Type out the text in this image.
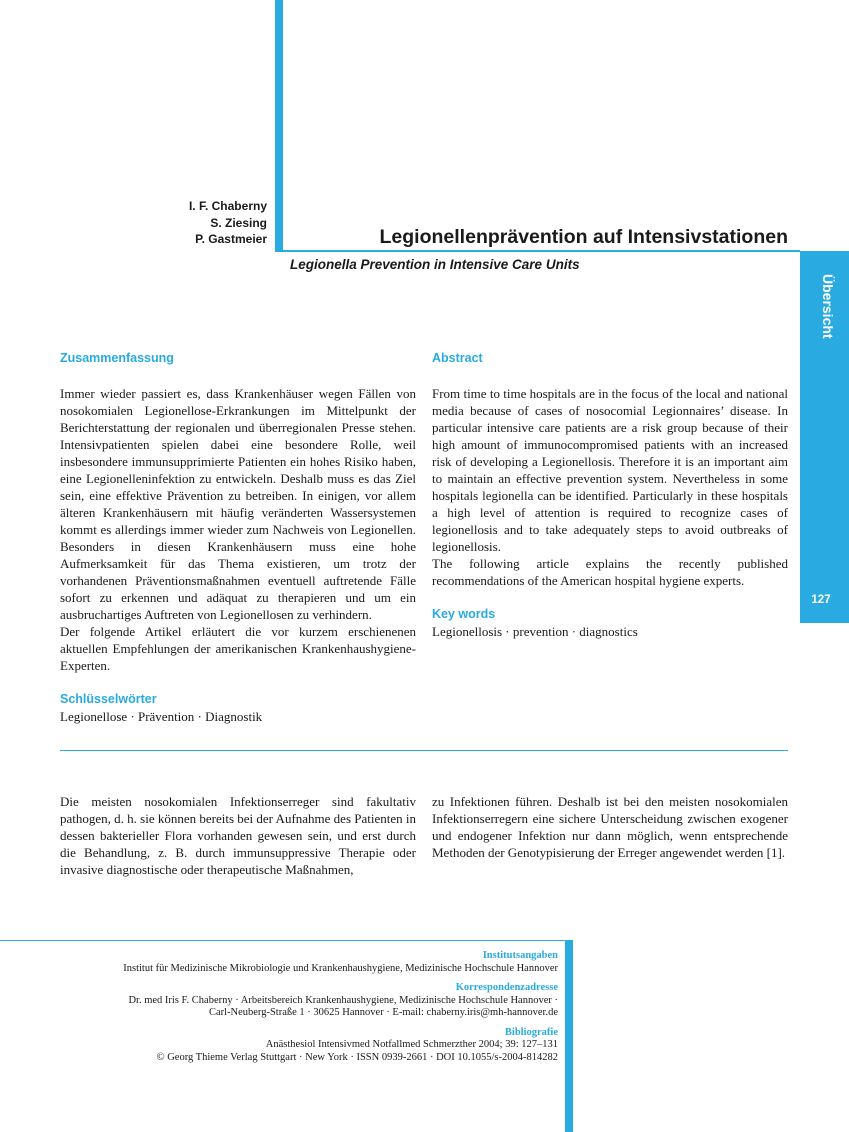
Übersicht
127
I. F. Chaberny
S. Ziesing
P. Gastmeier	Legionellenprävention auf Intensivstationen
Legionella Prevention in Intensive Care Units
Zusammenfassung

Immer wieder passiert es, dass Krankenhäuser wegen Fällen von nosokomialen Legionellose-Erkrankungen im Mittelpunkt der Berichterstattung der regionalen und überregionalen Presse stehen. Intensivpatienten spielen dabei eine besondere Rolle, weil insbesondere immunsupprimierte Patienten ein hohes Risiko haben, eine Legionelleninfektion zu entwickeln. Deshalb muss es das Ziel sein, eine effektive Prävention zu betreiben. In einigen, vor allem älteren Krankenhäusern mit häufig veränderten Wassersystemen kommt es allerdings immer wieder zum Nachweis von Legionellen. Besonders in diesen Krankenhäusern muss eine hohe Aufmerksamkeit für das Thema existieren, um trotz der vorhandenen Präventionsmaßnahmen eventuell auftretende Fälle sofort zu erkennen und adäquat zu therapieren und um ein ausbruchartiges Auftreten von Legionellosen zu verhindern.

Der folgende Artikel erläutert die vor kurzem erschienenen aktuellen Empfehlungen der amerikanischen Krankenhaushygiene-Experten.

Schlüsselwörter
Legionellose · Prävention · Diagnostik
Abstract

From time to time hospitals are in the focus of the local and national media because of cases of nosocomial Legionnaires’ disease. In particular intensive care patients are a risk group because of their high amount of immunocompromised patients with an increased risk of developing a Legionellosis. Therefore it is an important aim to maintain an effective prevention system. Nevertheless in some hospitals legionella can be identified. Particularly in these hospitals a high level of attention is required to recognize cases of legionellosis and to take adequately steps to avoid outbreaks of legionellosis.

The following article explains the recently published recommendations of the American hospital hygiene experts.

Key words
Legionellosis · prevention · diagnostics

Die meisten nosokomialen Infektionserreger sind fakultativ pathogen, d. h. sie können bereits bei der Aufnahme des Patienten in dessen bakterieller Flora vorhanden gewesen sein, und erst durch die Behandlung, z. B. durch immunsuppressive Therapie oder invasive diagnostische oder therapeutische Maßnahmen,

zu Infektionen führen. Deshalb ist bei den meisten nosokomialen Infektionserregern eine sichere Unterscheidung zwischen exogener und endogener Infektion nur dann möglich, wenn entsprechende Methoden der Genotypisierung der Erreger angewendet werden [1].

Institutsangaben
Institut für Medizinische Mikrobiologie und Krankenhaushygiene, Medizinische Hochschule Hannover
Korrespondenzadresse
Dr. med Iris F. Chaberny · Arbeitsbereich Krankenhaushygiene, Medizinische Hochschule Hannover ·
Carl-Neuberg-Straße 1 · 30625 Hannover · E-mail: chaberny.iris@mh-hannover.de
Bibliografie
Anästhesiol Intensivmed Notfallmed Schmerzther 2004; 39: 127–131
© Georg Thieme Verlag Stuttgart · New York · ISSN 0939-2661 · DOI 10.1055/s-2004-814282
